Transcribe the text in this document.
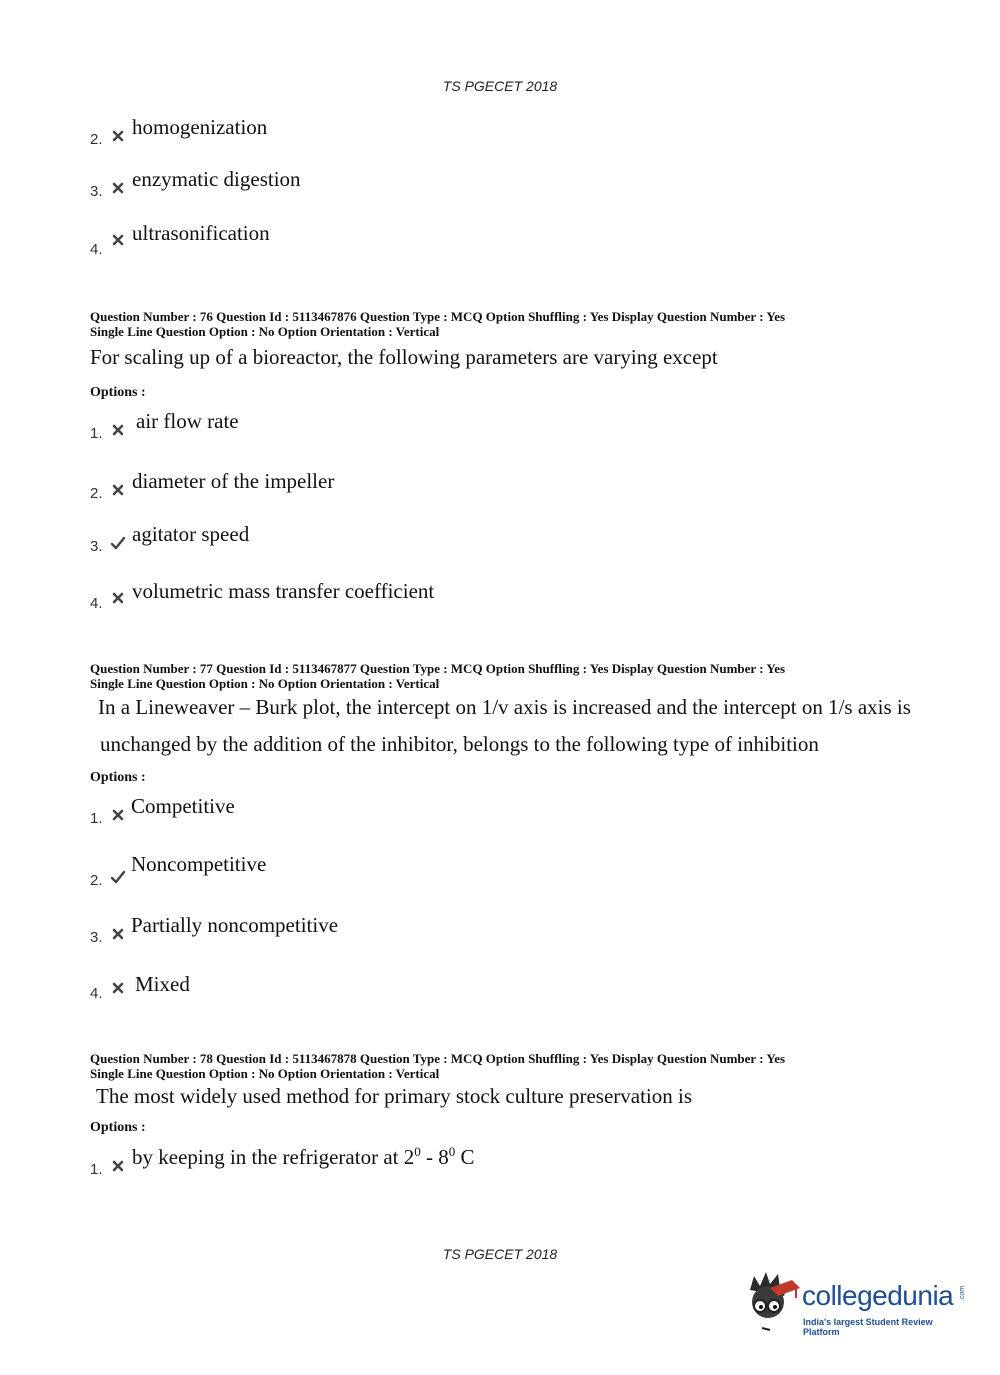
TS PGECET 2018
2.
homogenization
3.
enzymatic digestion
4.
ultrasonification
Question Number : 76 Question Id : 5113467876 Question Type : MCQ Option Shuffling : Yes Display Question Number : Yes
Single Line Question Option : No Option Orientation : Vertical
For scaling up of a bioreactor, the following parameters are varying except
Options :
1.
air flow rate
2.
diameter of the impeller
3.
agitator speed
4.
volumetric mass transfer coefficient
Question Number : 77 Question Id : 5113467877 Question Type : MCQ Option Shuffling : Yes Display Question Number : Yes
Single Line Question Option : No Option Orientation : Vertical
In a Lineweaver – Burk plot, the intercept on 1/v axis is increased and the intercept on 1/s axis is
unchanged by the addition of the inhibitor, belongs to the following type of inhibition
Options :
1.
Competitive
2.
Noncompetitive
3.
Partially noncompetitive
4. Mixed
Question Number : 78 Question Id : 5113467878 Question Type : MCQ Option Shuffling : Yes Display Question Number : Yes
Single Line Question Option : No Option Orientation : Vertical
The most widely used method for primary stock culture preservation is
Options :
1.
by keeping in the refrigerator at $2^0 - 8^0$ C
TS PGECET 2018
collegedunia .com
India's largest Student Review Platform
